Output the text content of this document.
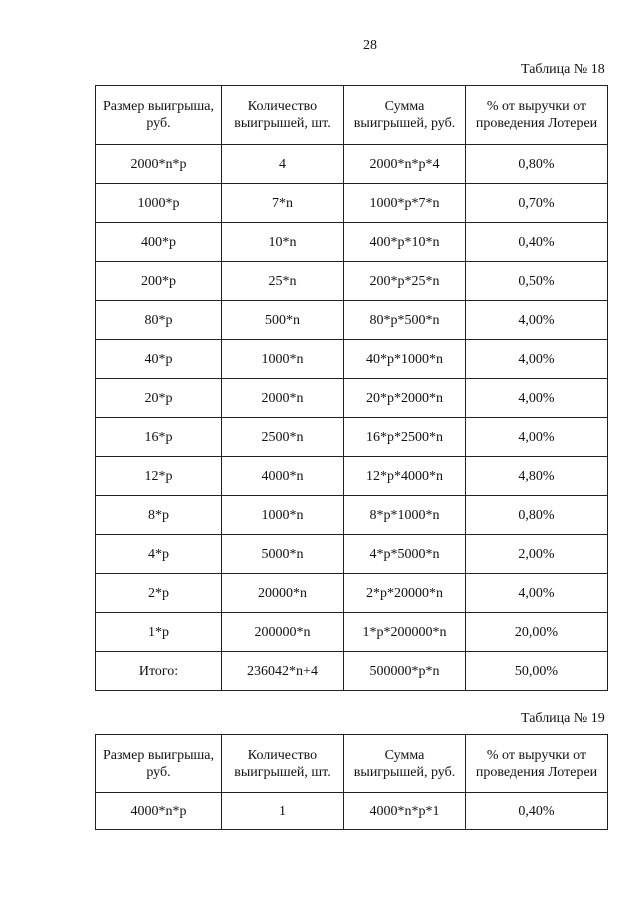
28
Таблица № 18
Размер выигрыша, руб.	Количество выигрышей, шт.	Сумма выигрышей, руб.	% от выручки от проведения Лотереи
2000*n*p	4	2000*n*p*4	0,80%
1000*p	7*n	1000*p*7*n	0,70%
400*p	10*n	400*p*10*n	0,40%
200*p	25*n	200*p*25*n	0,50%
80*p	500*n	80*p*500*n	4,00%
40*p	1000*n	40*p*1000*n	4,00%
20*p	2000*n	20*p*2000*n	4,00%
16*p	2500*n	16*p*2500*n	4,00%
12*p	4000*n	12*p*4000*n	4,80%
8*p	1000*n	8*p*1000*n	0,80%
4*p	5000*n	4*p*5000*n	2,00%
2*p	20000*n	2*p*20000*n	4,00%
1*p	200000*n	1*p*200000*n	20,00%
Итого:	236042*n+4	500000*p*n	50,00%
Таблица № 19
Размер выигрыша, руб.	Количество выигрышей, шт.	Сумма выигрышей, руб.	% от выручки от проведения Лотереи
4000*n*p	1	4000*n*p*1	0,40%
